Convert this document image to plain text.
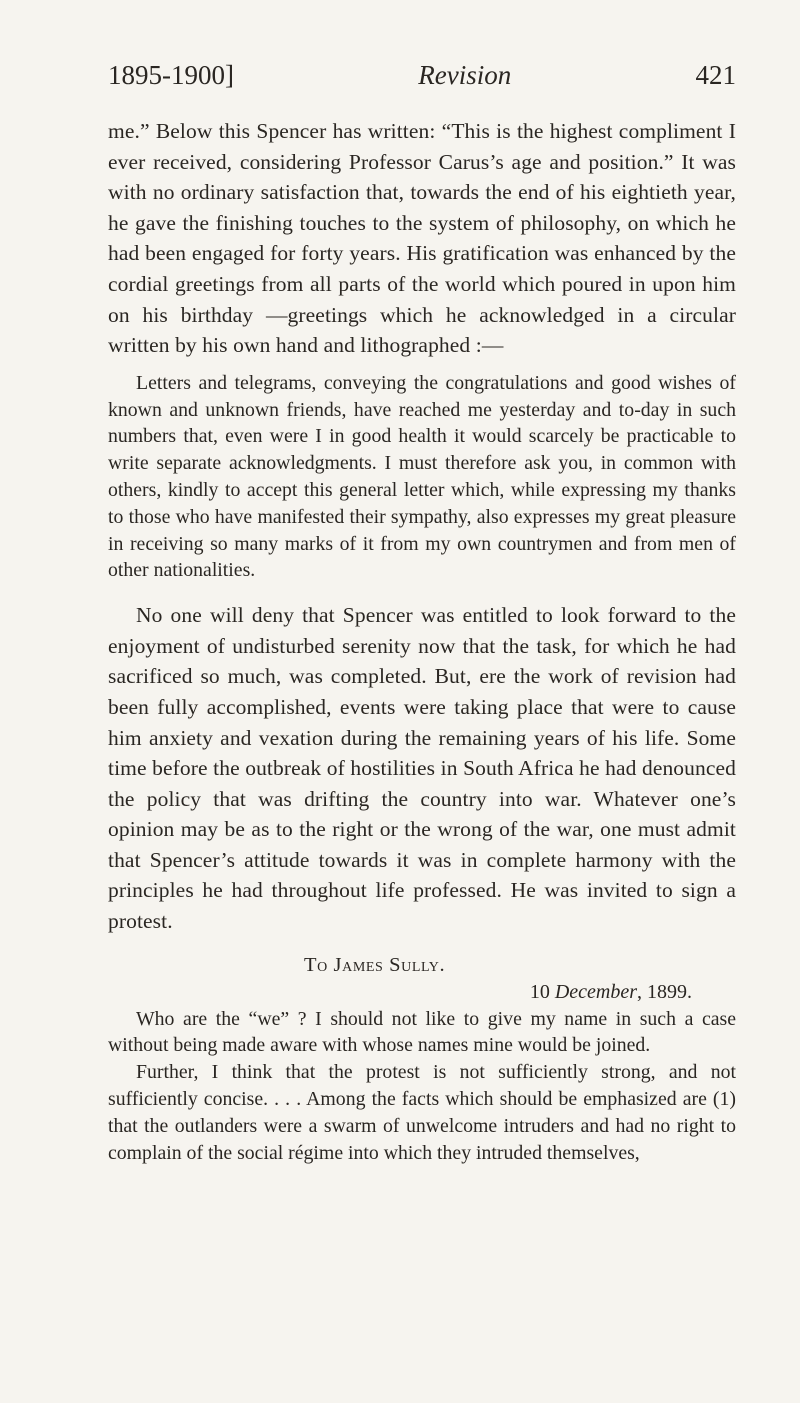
1895-1900]	Revision	421

me.” Below this Spencer has written: “This is the highest compliment I ever received, considering Professor Carus’s age and position.” It was with no ordinary satisfaction that, towards the end of his eightieth year, he gave the finishing touches to the system of philosophy, on which he had been engaged for forty years. His gratification was enhanced by the cordial greetings from all parts of the world which poured in upon him on his birthday —greetings which he acknowledged in a circular written by his own hand and lithographed :—

Letters and telegrams, conveying the congratulations and good wishes of known and unknown friends, have reached me yesterday and to-day in such numbers that, even were I in good health it would scarcely be practicable to write separate acknowledgments. I must therefore ask you, in common with others, kindly to accept this general letter which, while expressing my thanks to those who have manifested their sympathy, also expresses my great pleasure in receiving so many marks of it from my own countrymen and from men of other nationalities.

No one will deny that Spencer was entitled to look forward to the enjoyment of undisturbed serenity now that the task, for which he had sacrificed so much, was completed. But, ere the work of revision had been fully accomplished, events were taking place that were to cause him anxiety and vexation during the remaining years of his life. Some time before the outbreak of hostilities in South Africa he had denounced the policy that was drifting the country into war. Whatever one’s opinion may be as to the right or the wrong of the war, one must admit that Spencer’s attitude towards it was in complete harmony with the principles he had throughout life professed. He was invited to sign a protest.

To James Sully.
10 December, 1899.

Who are the “we” ? I should not like to give my name in such a case without being made aware with whose names mine would be joined.

Further, I think that the protest is not sufficiently strong, and not sufficiently concise. . . . Among the facts which should be emphasized are (1) that the outlanders were a swarm of unwelcome intruders and had no right to complain of the social régime into which they intruded themselves,
